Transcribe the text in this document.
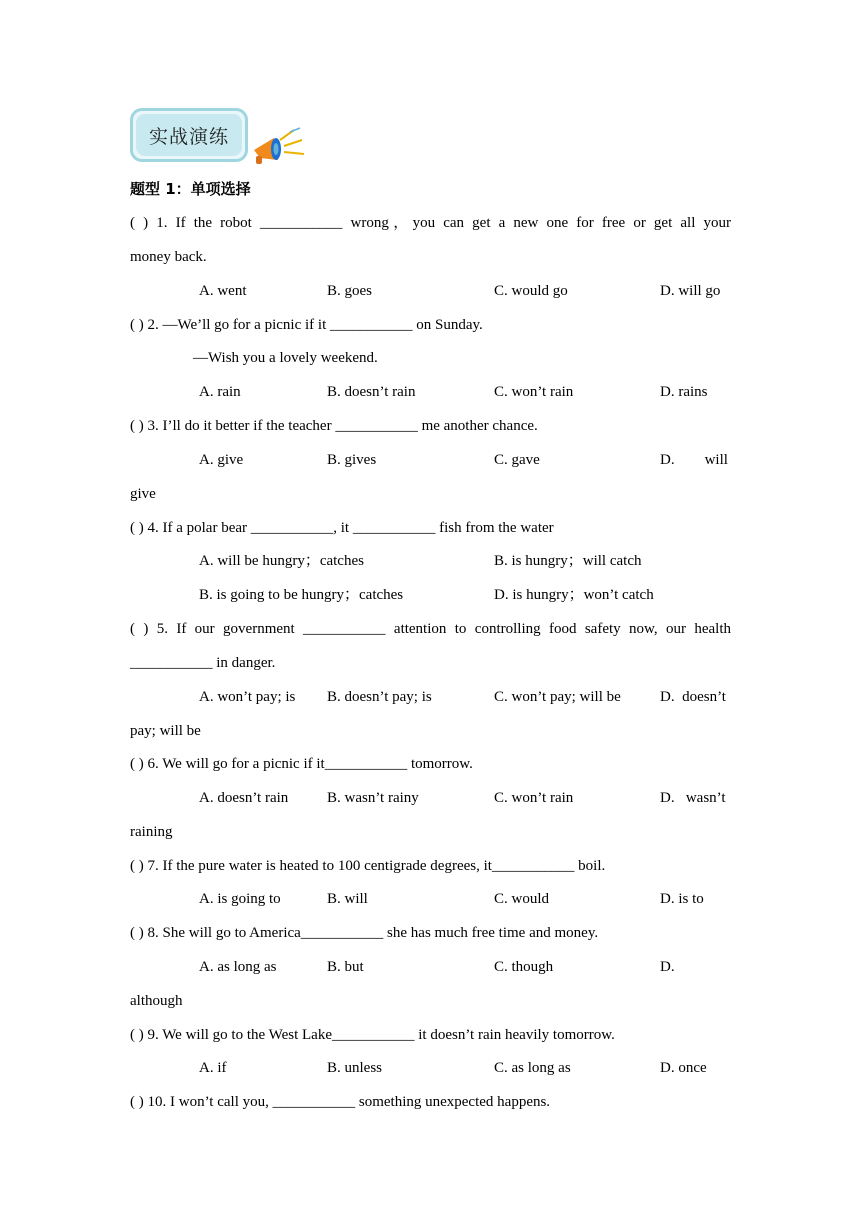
实战演练
题型 1：单项选择
( ) 1. If the robot ___________ wrong，you can get a new one for free or get all your
money back.
A. went	B. goes	C. would go	D. will go
( ) 2. —We’ll go for a picnic if it ___________ on Sunday.
—Wish you a lovely weekend.
A. rain	B. doesn’t rain	C. won’t rain	D. rains
( ) 3. I’ll do it better if the teacher ___________ me another chance.
A. give	B. gives	C. gave	D.        will
give
( ) 4. If a polar bear ___________, it ___________ fish from the water
A. will be hungry；catches	B. is hungry；will catch
B. is going to be hungry；catches	D. is hungry；won’t catch
( ) 5. If our government ___________ attention to controlling food safety now, our health
___________ in danger.
A. won’t pay; is B. doesn’t pay; is	C. won’t pay; will be	D.  doesn’t
pay; will be
( ) 6. We will go for a picnic if it___________ tomorrow.
A. doesn’t rain	B. wasn’t rainy	C. won’t rain	D.   wasn’t
raining
( ) 7. If the pure water is heated to 100 centigrade degrees, it___________ boil.
A. is going to	B. will	C. would	D. is to
( ) 8. She will go to America___________ she has much free time and money.
A. as long as	B. but	C. though	D.
although
( ) 9. We will go to the West Lake___________ it doesn’t rain heavily tomorrow.
A. if	B. unless	C. as long as	D. once
( ) 10. I won’t call you, ___________ something unexpected happens.
